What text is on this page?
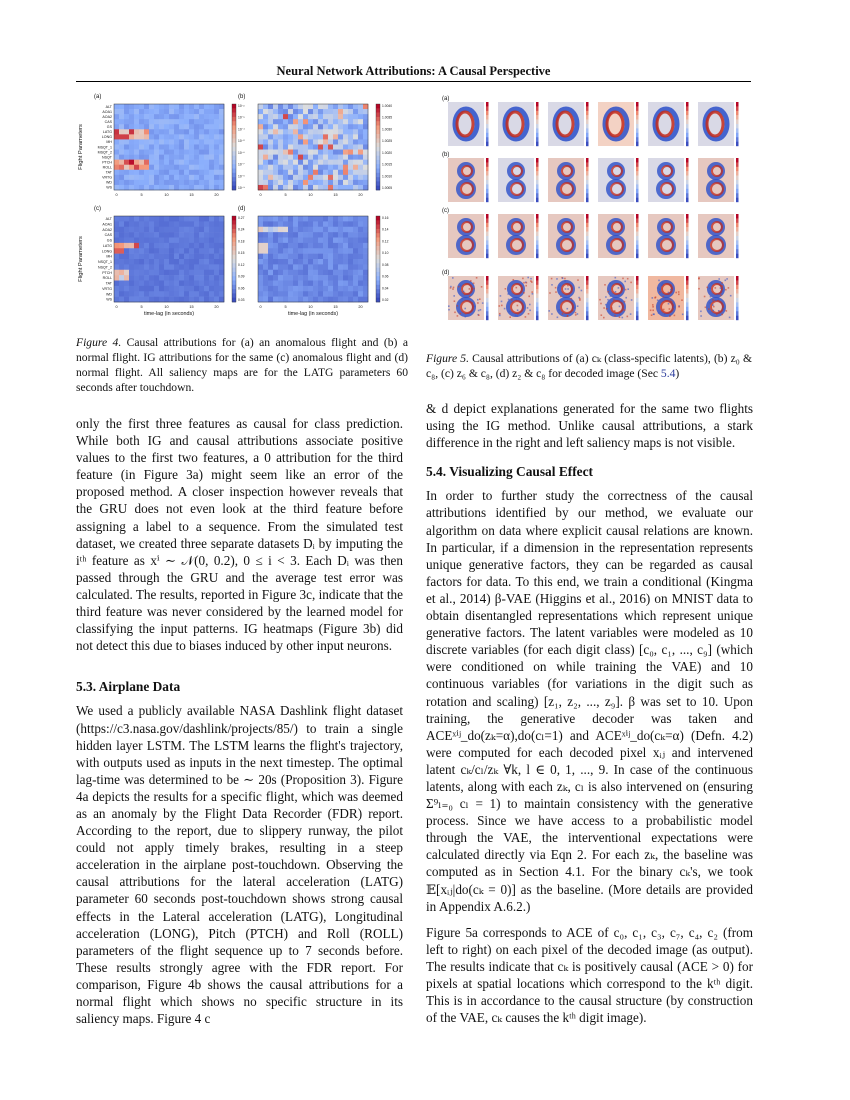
Neural Network Attributions: A Causal Perspective
(a)
10⁻²
10⁻³
10⁻⁴
10⁻⁵
10⁻⁶
10⁻⁷
10⁻⁸
10⁻⁹
ALT
AOA1
AOA2
CAS
GS
LATG
LONG
MH
MSQT_1
MSQT_2
NSQT
PTCH
ROLL
TAT
VRTG
WD
WS
Flight Parameters
0	5	10	15	20
(b)
1.0040
1.0035
1.0030
1.0025
1.0020
1.0015
1.0010
1.0005
0	5	10	15	20
(c)
0.27
0.24
0.18
0.15
0.12
0.09
0.06
0.03
ALT
AOA1
AOA2
CAS
GS
LATG
LONG
MH
NSQT_1
NSQT_2
PTCH
ROLL
TAT
VRTG
WD
WS
Flight Parameters
0	5	10	15	20
time-lag (in seconds)
(d)
0.16
0.14
0.12
0.10
0.08
0.06
0.04
0.02
0	5	10	15	20
time-lag (in seconds)

Figure 4. Causal attributions for (a) an anomalous flight and (b) a normal flight. IG attributions for the same (c) anomalous flight and (d) normal flight. All saliency maps are for the LATG parameters 60 seconds after touchdown.

(a)
(b)
(c)
(d)

Figure 5. Causal attributions of (a) cₖ (class-specific latents), (b) z₀ & c₈, (c) z₆ & c₈, (d) z₂ & c₈ for decoded image (Sec 5.4)

only the first three features as causal for class prediction. While both IG and causal attributions associate positive values to the first two features, a 0 attribution for the third feature (in Figure 3a) might seem like an error of the proposed method. A closer inspection however reveals that the GRU does not even look at the third feature before assigning a label to a sequence. From the simulated test dataset, we created three separate datasets Dᵢ by imputing the iᵗʰ feature as xⁱ ∼ 𝒩(0, 0.2), 0 ≤ i < 3. Each Dᵢ was then passed through the GRU and the average test error was calculated. The results, reported in Figure 3c, indicate that the third feature was never considered by the learned model for classifying the input patterns. IG heatmaps (Figure 3b) did not detect this due to biases induced by other input neurons.

5.3. Airplane Data

We used a publicly available NASA Dashlink flight dataset (https://c3.nasa.gov/dashlink/projects/85/) to train a single hidden layer LSTM. The LSTM learns the flight's trajectory, with outputs used as inputs in the next timestep. The optimal lag-time was determined to be ∼ 20s (Proposition 3). Figure 4a depicts the results for a specific flight, which was deemed as an anomaly by the Flight Data Recorder (FDR) report. According to the report, due to slippery runway, the pilot could not apply timely brakes, resulting in a steep acceleration in the airplane post-touchdown. Observing the causal attributions for the lateral acceleration (LATG) parameter 60 seconds post-touchdown shows strong causal effects in the Lateral acceleration (LATG), Longitudinal acceleration (LONG), Pitch (PTCH) and Roll (ROLL) parameters of the flight sequence up to 7 seconds before. These results strongly agree with the FDR report. For comparison, Figure 4b shows the causal attributions for a normal flight which shows no specific structure in its saliency maps. Figure 4 c

& d depict explanations generated for the same two flights using the IG method. Unlike causal attributions, a stark difference in the right and left saliency maps is not visible.

5.4. Visualizing Causal Effect

In order to further study the correctness of the causal attributions identified by our method, we evaluate our algorithm on data where explicit causal relations are known. In particular, if a dimension in the representation represents unique generative factors, they can be regarded as causal factors for data. To this end, we train a conditional (Kingma et al., 2014) β-VAE (Higgins et al., 2016) on MNIST data to obtain disentangled representations which represent unique generative factors. The latent variables were modeled as 10 discrete variables (for each digit class) [c₀, c₁, ..., c₉] (which were conditioned on while training the VAE) and 10 continuous variables (for variations in the digit such as rotation and scaling) [z₁, z₂, ..., z₉]. β was set to 10. Upon training, the generative decoder was taken and ACEˣⁱʲ_do(zₖ=α),do(cₗ=1) and ACEˣⁱʲ_do(cₖ=α) (Defn. 4.2) were computed for each decoded pixel xᵢⱼ and intervened latent cₖ/cₗ/zₖ ∀k, l ∈ 0, 1, ..., 9. In case of the continuous latents, along with each zₖ, cₗ is also intervened on (ensuring Σ⁹ₗ₌₀ cₗ = 1) to maintain consistency with the generative process. Since we have access to a probabilistic model through the VAE, the interventional expectations were calculated directly via Eqn 2. For each zₖ, the baseline was computed as in Section 4.1. For the binary cₖ's, we took 𝔼[xᵢⱼ|do(cₖ = 0)] as the baseline. (More details are provided in Appendix A.6.2.)

Figure 5a corresponds to ACE of c₀, c₁, c₃, c₇, c₄, c₂ (from left to right) on each pixel of the decoded image (as output). The results indicate that cₖ is positively causal (ACE > 0) for pixels at spatial locations which correspond to the kᵗʰ digit. This is in accordance to the causal structure (by construction of the VAE, cₖ causes the kᵗʰ digit image).
